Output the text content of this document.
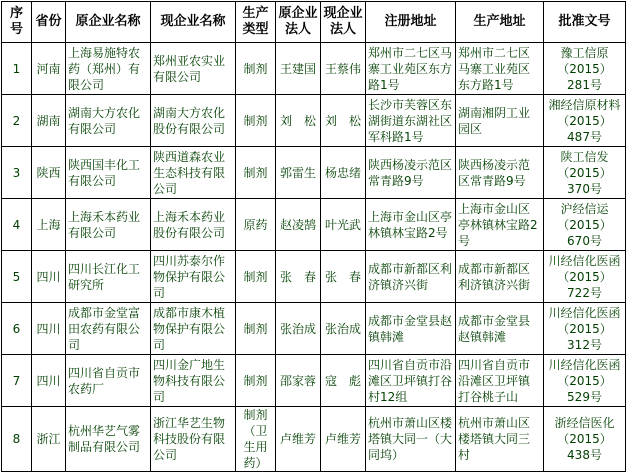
序号	省份	原企业名称	现企业名称	生产类型	原企业法人	现企业法人	注册地址	生产地址	批准文号
1	河南	上海易施特农药（郑州）有限公司	郑州亚农实业有限公司	制剂	王建国	王蔡伟	郑州市二七区马寨工业苑区东方路1号	郑州市二七区马寨工业苑区东方路1号	豫工信原（2015）281号
2	湖南	湖南大方农化有限公司	湖南大方农化股份有限公司	制剂	刘　松	刘　松	长沙市芙蓉区东湖街道东湖社区军科路1号	湖南湘阴工业园区	湘经信原材料（2015）487号
3	陕西	陕西国丰化工有限公司	陕西道森农业生态科技有限公司	制剂	郭雷生	杨忠绪	陕西杨凌示范区常青路9号	陕西杨凌示范区常青路9号	陕工信发（2015）370号
4	上海	上海禾本药业有限公司	上海禾本药业股份有限公司	原药	赵凌鹄	叶光武	上海市金山区亭林镇林宝路2号	上海市金山区亭林镇林宝路2号	沪经信运（2015）670号
5	四川	四川长江化工研究所	四川苏泰尔作物保护有限公司	制剂	张　春	张　春	成都市新都区利济镇济兴街	成都市新都区利济镇济兴街	川经信化医函（2015）722号
6	四川	成都市金堂富田农药有限公司	成都市康木植物保护有限公司	制剂	张治成	张治成	成都市金堂县赵镇韩滩	成都市金堂县赵镇韩滩	川经信化医函（2015）312号
7	四川	四川省自贡市农药厂	四川金广地生物科技有限公司	制剂	邵家蓉	寇　彪	四川省自贡市沿滩区卫坪镇打谷村12组	四川省自贡市沿滩区卫坪镇打谷桃子山	川经信化医函（2015）529号
8	浙江	杭州华艺气雾制品有限公司	浙江华艺生物科技股份有限公司	制剂（卫生用药）	卢维芳	卢维芳	杭州市萧山区楼塔镇大同一（大同坞）	杭州市萧山区楼塔镇大同三村	浙经信医化（2015）438号
